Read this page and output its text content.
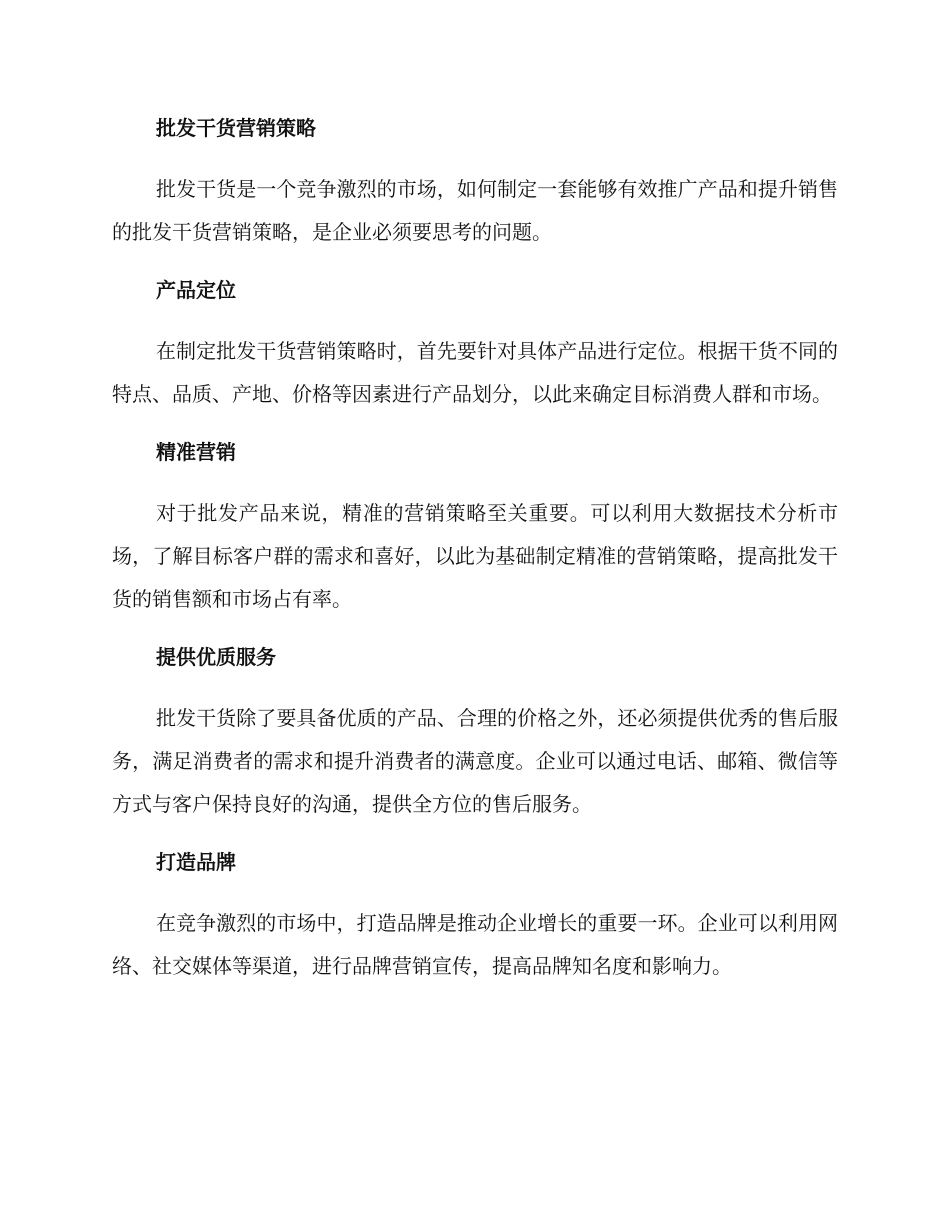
批发干货营销策略

批发干货是一个竞争激烈的市场，如何制定一套能够有效推广产品和提升销售的批发干货营销策略，是企业必须要思考的问题。

产品定位

在制定批发干货营销策略时，首先要针对具体产品进行定位。根据干货不同的特点、品质、产地、价格等因素进行产品划分，以此来确定目标消费人群和市场。

精准营销

对于批发产品来说，精准的营销策略至关重要。可以利用大数据技术分析市场，了解目标客户群的需求和喜好，以此为基础制定精准的营销策略，提高批发干货的销售额和市场占有率。

提供优质服务

批发干货除了要具备优质的产品、合理的价格之外，还必须提供优秀的售后服务，满足消费者的需求和提升消费者的满意度。企业可以通过电话、邮箱、微信等方式与客户保持良好的沟通，提供全方位的售后服务。

打造品牌

在竞争激烈的市场中，打造品牌是推动企业增长的重要一环。企业可以利用网络、社交媒体等渠道，进行品牌营销宣传，提高品牌知名度和影响力。
